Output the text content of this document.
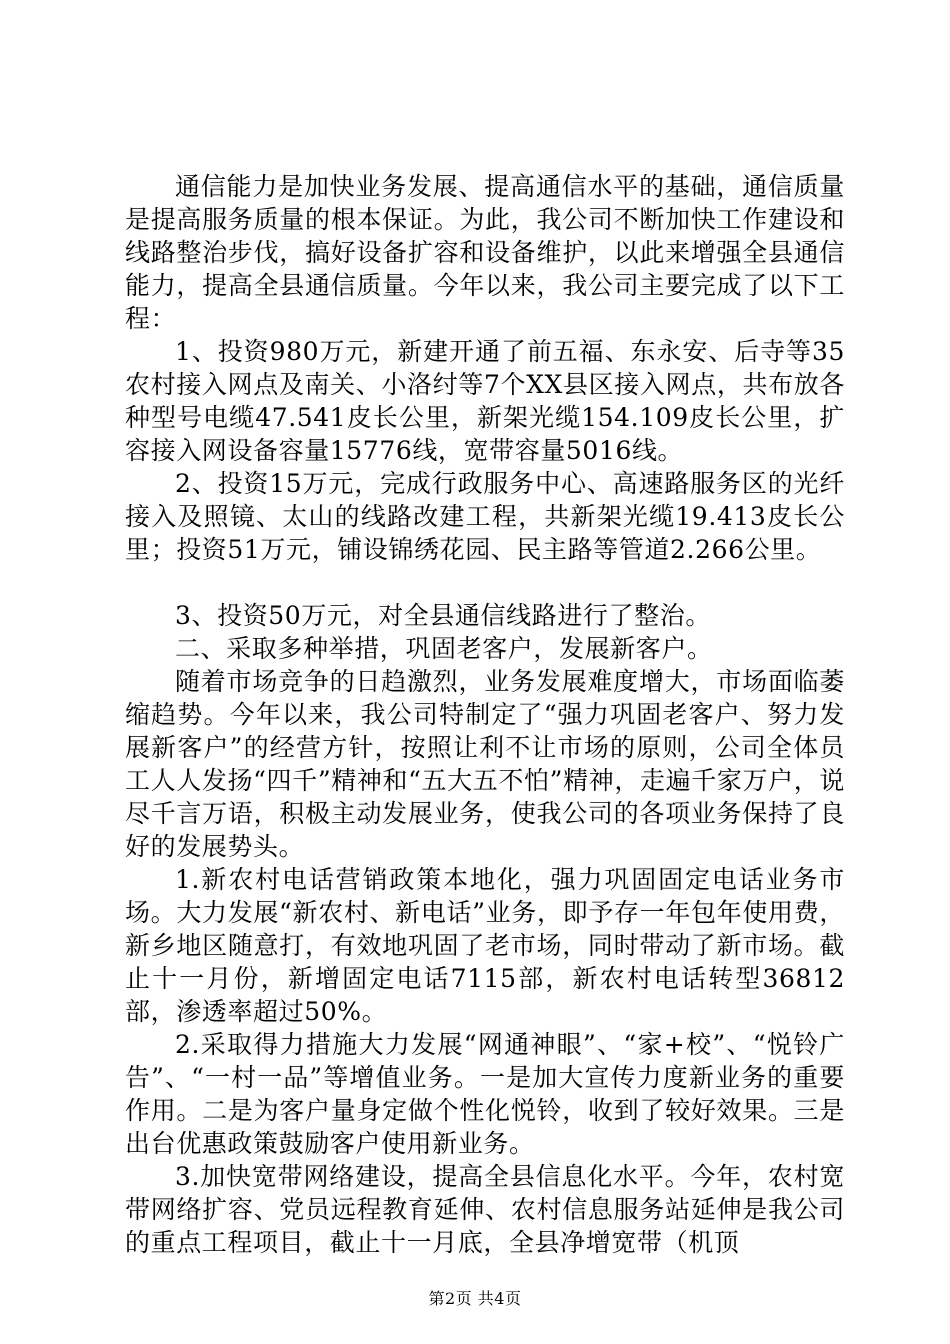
通信能力是加快业务发展、提高通信水平的基础，通信质量是提高服务质量的根本保证。为此，我公司不断加快工作建设和线路整治步伐，搞好设备扩容和设备维护，以此来增强全县通信能力，提高全县通信质量。今年以来，我公司主要完成了以下工程：

1、投资980万元，新建开通了前五福、东永安、后寺等35农村接入网点及南关、小洛纣等7个XX县区接入网点，共布放各种型号电缆47.541皮长公里，新架光缆154.109皮长公里，扩容接入网设备容量15776线，宽带容量5016线。

2、投资15万元，完成行政服务中心、高速路服务区的光纤接入及照镜、太山的线路改建工程，共新架光缆19.413皮长公里；投资51万元，铺设锦绣花园、民主路等管道2.266公里。

3、投资50万元，对全县通信线路进行了整治。

二、采取多种举措，巩固老客户，发展新客户。

随着市场竞争的日趋激烈，业务发展难度增大，市场面临萎缩趋势。今年以来，我公司特制定了“强力巩固老客户、努力发展新客户”的经营方针，按照让利不让市场的原则，公司全体员工人人发扬“四千”精神和“五大五不怕”精神，走遍千家万户，说尽千言万语，积极主动发展业务，使我公司的各项业务保持了良好的发展势头。

1.新农村电话营销政策本地化，强力巩固固定电话业务市场。大力发展“新农村、新电话”业务，即予存一年包年使用费，新乡地区随意打，有效地巩固了老市场，同时带动了新市场。截止十一月份，新增固定电话7115部，新农村电话转型36812部，渗透率超过50%。

2.采取得力措施大力发展“网通神眼”、“家+校”、“悦铃广告”、“一村一品”等增值业务。一是加大宣传力度新业务的重要作用。二是为客户量身定做个性化悦铃，收到了较好效果。三是出台优惠政策鼓励客户使用新业务。

3.加快宽带网络建设，提高全县信息化水平。今年，农村宽带网络扩容、党员远程教育延伸、农村信息服务站延伸是我公司的重点工程项目，截止十一月底，全县净增宽带（机顶

第2页 共4页
